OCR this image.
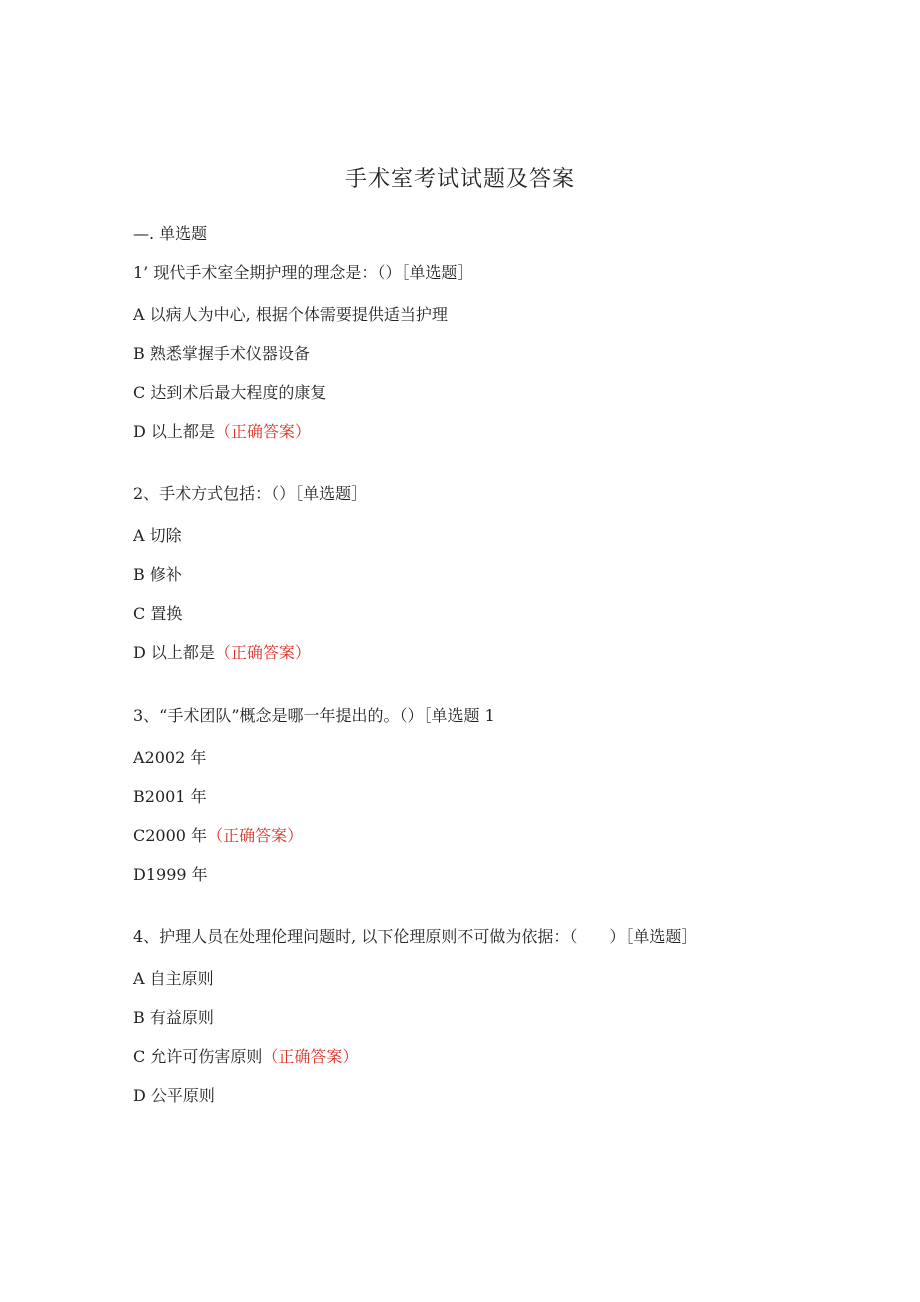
手术室考试试题及答案
—. 单选题
1’ 现代手术室全期护理的理念是：（）［单选题］
A 以病人为中心, 根据个体需要提供适当护理
B 熟悉掌握手术仪器设备
C 达到术后最大程度的康复
D 以上都是（正确答案）
2、手术方式包括：（）［单选题］
A 切除
B 修补
C 置换
D 以上都是（正确答案）
3、“手术团队”概念是哪一年提出的。（）［单选题 1
A2002 年
B2001 年
C2000 年（正确答案）
D1999 年
4、护理人员在处理伦理问题时, 以下伦理原则不可做为依据：（　　）［单选题］
A 自主原则
B 有益原则
C 允许可伤害原则（正确答案）
D 公平原则
